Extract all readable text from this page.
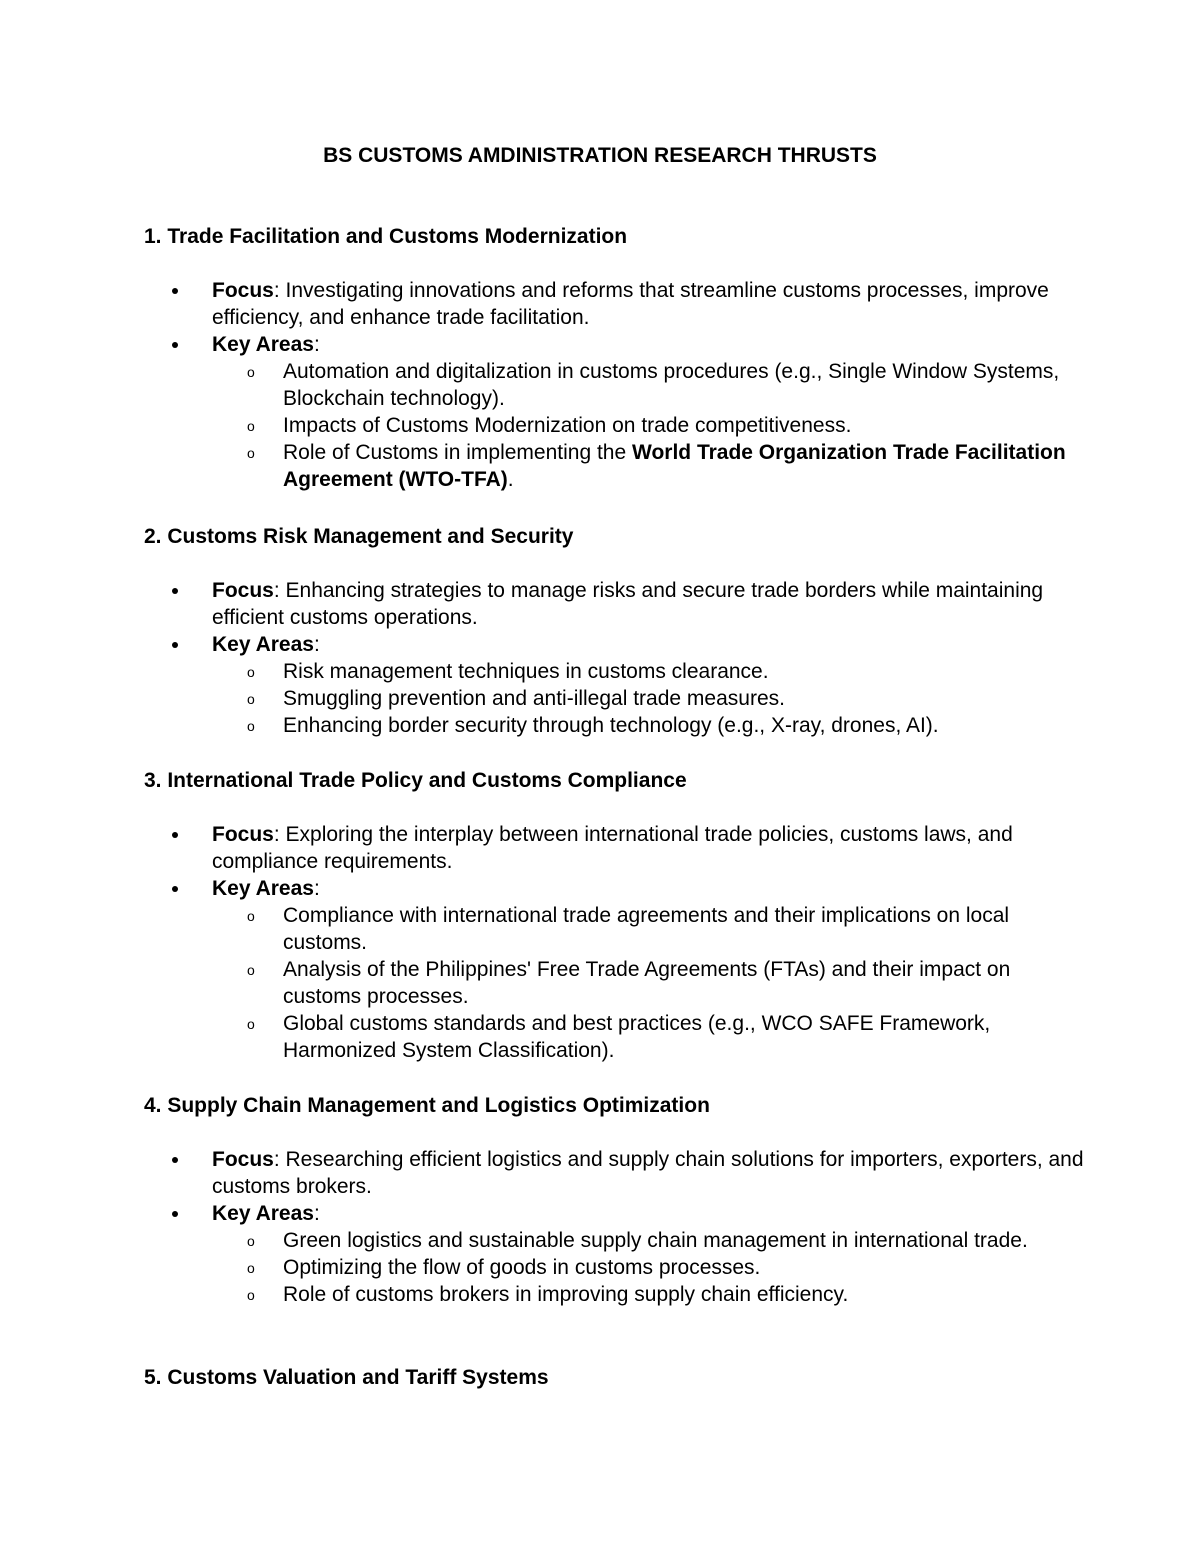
BS CUSTOMS AMDINISTRATION RESEARCH THRUSTS
1. Trade Facilitation and Customs Modernization
Focus: Investigating innovations and reforms that streamline customs processes, improve efficiency, and enhance trade facilitation.
Key Areas:
o Automation and digitalization in customs procedures (e.g., Single Window Systems, Blockchain technology).
o Impacts of Customs Modernization on trade competitiveness.
o Role of Customs in implementing the World Trade Organization Trade Facilitation Agreement (WTO-TFA).
2. Customs Risk Management and Security
Focus: Enhancing strategies to manage risks and secure trade borders while maintaining efficient customs operations.
Key Areas:
o Risk management techniques in customs clearance.
o Smuggling prevention and anti-illegal trade measures.
o Enhancing border security through technology (e.g., X-ray, drones, AI).
3. International Trade Policy and Customs Compliance
Focus: Exploring the interplay between international trade policies, customs laws, and compliance requirements.
Key Areas:
o Compliance with international trade agreements and their implications on local customs.
o Analysis of the Philippines' Free Trade Agreements (FTAs) and their impact on customs processes.
o Global customs standards and best practices (e.g., WCO SAFE Framework, Harmonized System Classification).
4. Supply Chain Management and Logistics Optimization
Focus: Researching efficient logistics and supply chain solutions for importers, exporters, and customs brokers.
Key Areas:
o Green logistics and sustainable supply chain management in international trade.
o Optimizing the flow of goods in customs processes.
o Role of customs brokers in improving supply chain efficiency.
5. Customs Valuation and Tariff Systems
